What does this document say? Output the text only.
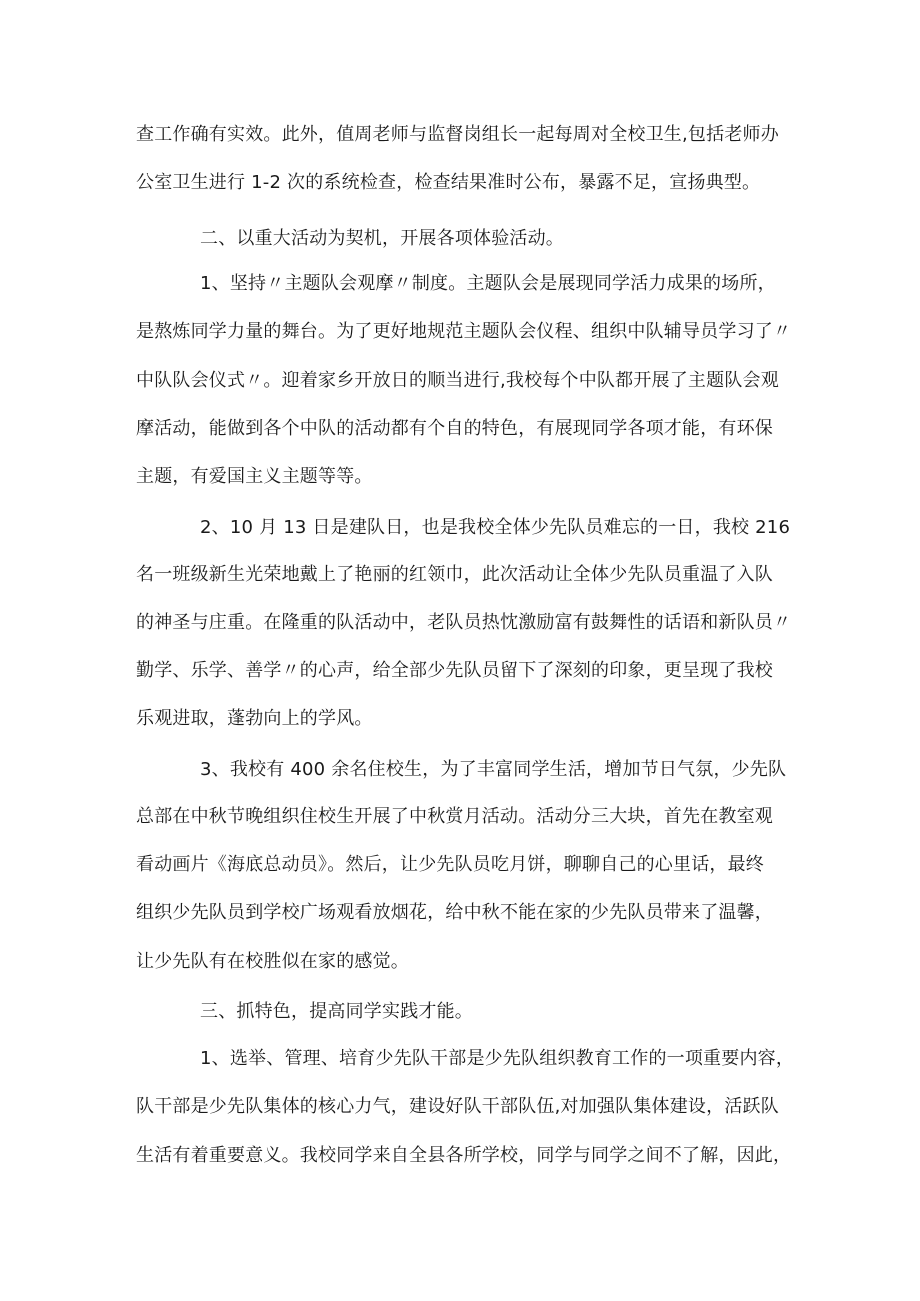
查工作确有实效。此外，值周老师与监督岗组长一起每周对全校卫生,包括老师办
公室卫生进行 1-2 次的系统检查，检查结果准时公布，暴露不足，宣扬典型。
二、以重大活动为契机，开展各项体验活动。
1、坚持〃主题队会观摩〃制度。主题队会是展现同学活力成果的场所，
是熬炼同学力量的舞台。为了更好地规范主题队会仪程、组织中队辅导员学习了〃
中队队会仪式〃。迎着家乡开放日的顺当进行,我校每个中队都开展了主题队会观
摩活动，能做到各个中队的活动都有个自的特色，有展现同学各项才能，有环保
主题，有爱国主义主题等等。
2、10 月 13 日是建队日，也是我校全体少先队员难忘的一日，我校 216
名一班级新生光荣地戴上了艳丽的红领巾，此次活动让全体少先队员重温了入队
的神圣与庄重。在隆重的队活动中，老队员热忱激励富有鼓舞性的话语和新队员〃
勤学、乐学、善学〃的心声，给全部少先队员留下了深刻的印象，更呈现了我校
乐观进取，蓬勃向上的学风。
3、我校有 400 余名住校生，为了丰富同学生活，增加节日气氛，少先队
总部在中秋节晚组织住校生开展了中秋赏月活动。活动分三大块，首先在教室观
看动画片《海底总动员》。然后，让少先队员吃月饼，聊聊自己的心里话，最终
组织少先队员到学校广场观看放烟花，给中秋不能在家的少先队员带来了温馨，
让少先队有在校胜似在家的感觉。
三、抓特色，提高同学实践才能。
1、选举、管理、培育少先队干部是少先队组织教育工作的一项重要内容，
队干部是少先队集体的核心力气，建设好队干部队伍,对加强队集体建设，活跃队
生活有着重要意义。我校同学来自全县各所学校，同学与同学之间不了解，因此，
